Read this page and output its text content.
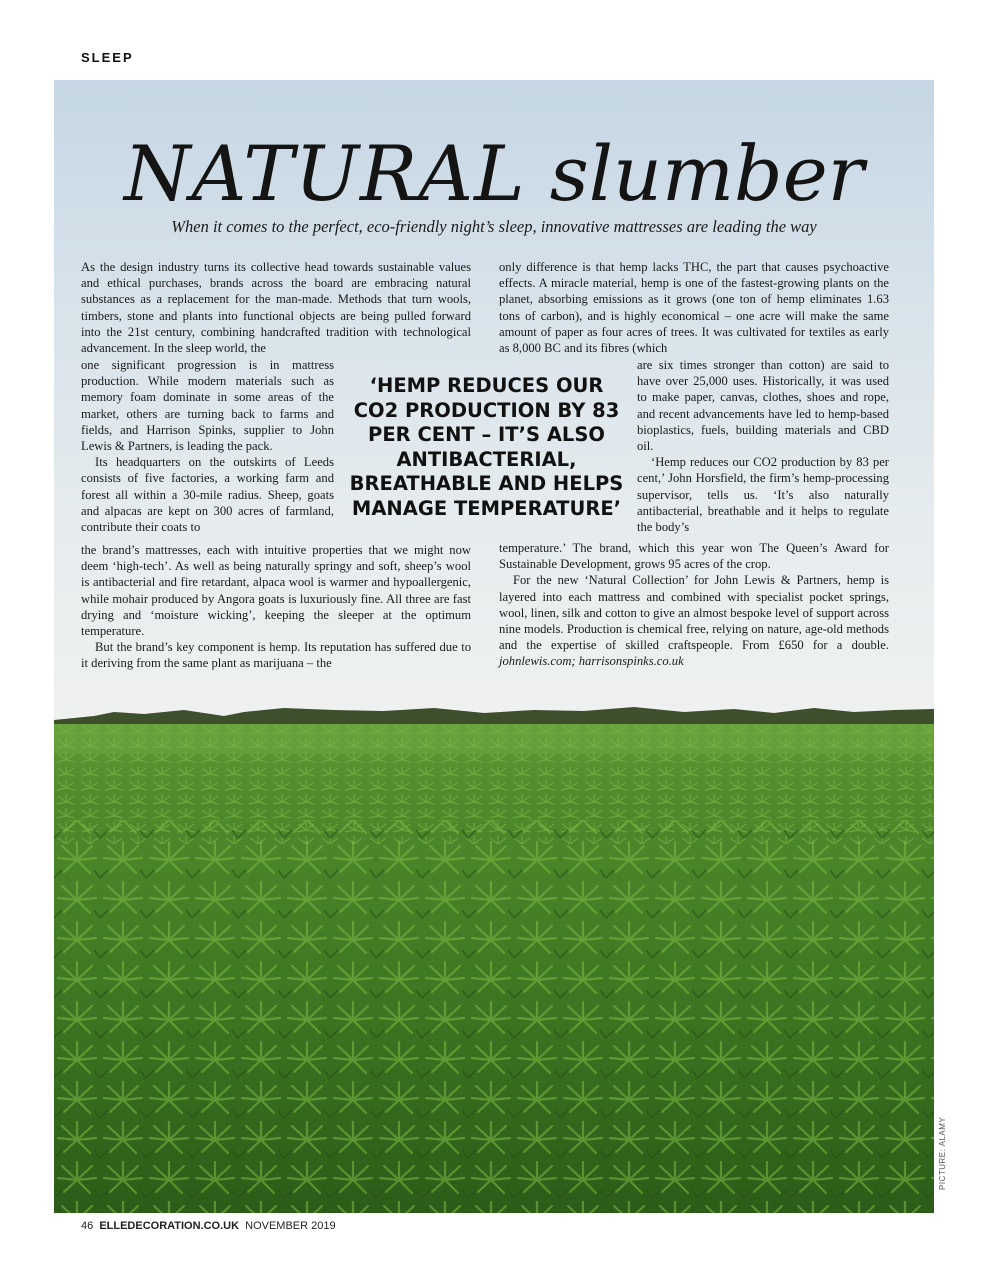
SLEEP
NATURAL slumber
When it comes to the perfect, eco-friendly night’s sleep, innovative mattresses are leading the way

As the design industry turns its collective head towards sustainable values and ethical purchases, brands across the board are embracing natural substances as a replacement for the man-made. Methods that turn wools, timbers, stone and plants into functional objects are being pulled forward into the 21st century, combining handcrafted tradition with technological advancement. In the sleep world, the

one significant progression is in mattress production. While modern materials such as memory foam dominate in some areas of the market, others are turning back to farms and fields, and Harrison Spinks, supplier to John Lewis & Partners, is leading the pack.

Its headquarters on the outskirts of Leeds consists of five factories, a working farm and forest all within a 30-mile radius. Sheep, goats and alpacas are kept on 300 acres of farmland, contribute their coats to

the brand’s mattresses, each with intuitive properties that we might now deem ‘high-tech’. As well as being naturally springy and soft, sheep’s wool is antibacterial and fire retardant, alpaca wool is warmer and hypoallergenic, while mohair produced by Angora goats is luxuriously fine. All three are fast drying and ‘moisture wicking’, keeping the sleeper at the optimum temperature.

But the brand’s key component is hemp. Its reputation has suffered due to it deriving from the same plant as marijuana – the

‘HEMP REDUCES OUR CO2 PRODUCTION BY 83 PER CENT – IT’S ALSO ANTIBACTERIAL, BREATHABLE AND HELPS MANAGE TEMPERATURE’

only difference is that hemp lacks THC, the part that causes psychoactive effects. A miracle material, hemp is one of the fastest-growing plants on the planet, absorbing emissions as it grows (one ton of hemp eliminates 1.63 tons of carbon), and is highly economical – one acre will make the same amount of paper as four acres of trees. It was cultivated for textiles as early as 8,000 BC and its fibres (which

are six times stronger than cotton) are said to have over 25,000 uses. Historically, it was used to make paper, canvas, clothes, shoes and rope, and recent advancements have led to hemp-based bioplastics, fuels, building materials and CBD oil.

‘Hemp reduces our CO2 production by 83 per cent,’ John Horsfield, the firm’s hemp-processing supervisor, tells us. ‘It’s also naturally antibacterial, breathable and it helps to regulate the body’s

temperature.’ The brand, which this year won The Queen’s Award for Sustainable Development, grows 95 acres of the crop.

For the new ‘Natural Collection’ for John Lewis & Partners, hemp is layered into each mattress and combined with specialist pocket springs, wool, linen, silk and cotton to give an almost bespoke level of support across nine models. Production is chemical free, relying on nature, age-old methods and the expertise of skilled craftspeople. From £650 for a double. johnlewis.com; harrisonspinks.co.uk

46 ELLEDECORATION.CO.UK NOVEMBER 2019
PICTURE: ALAMY
